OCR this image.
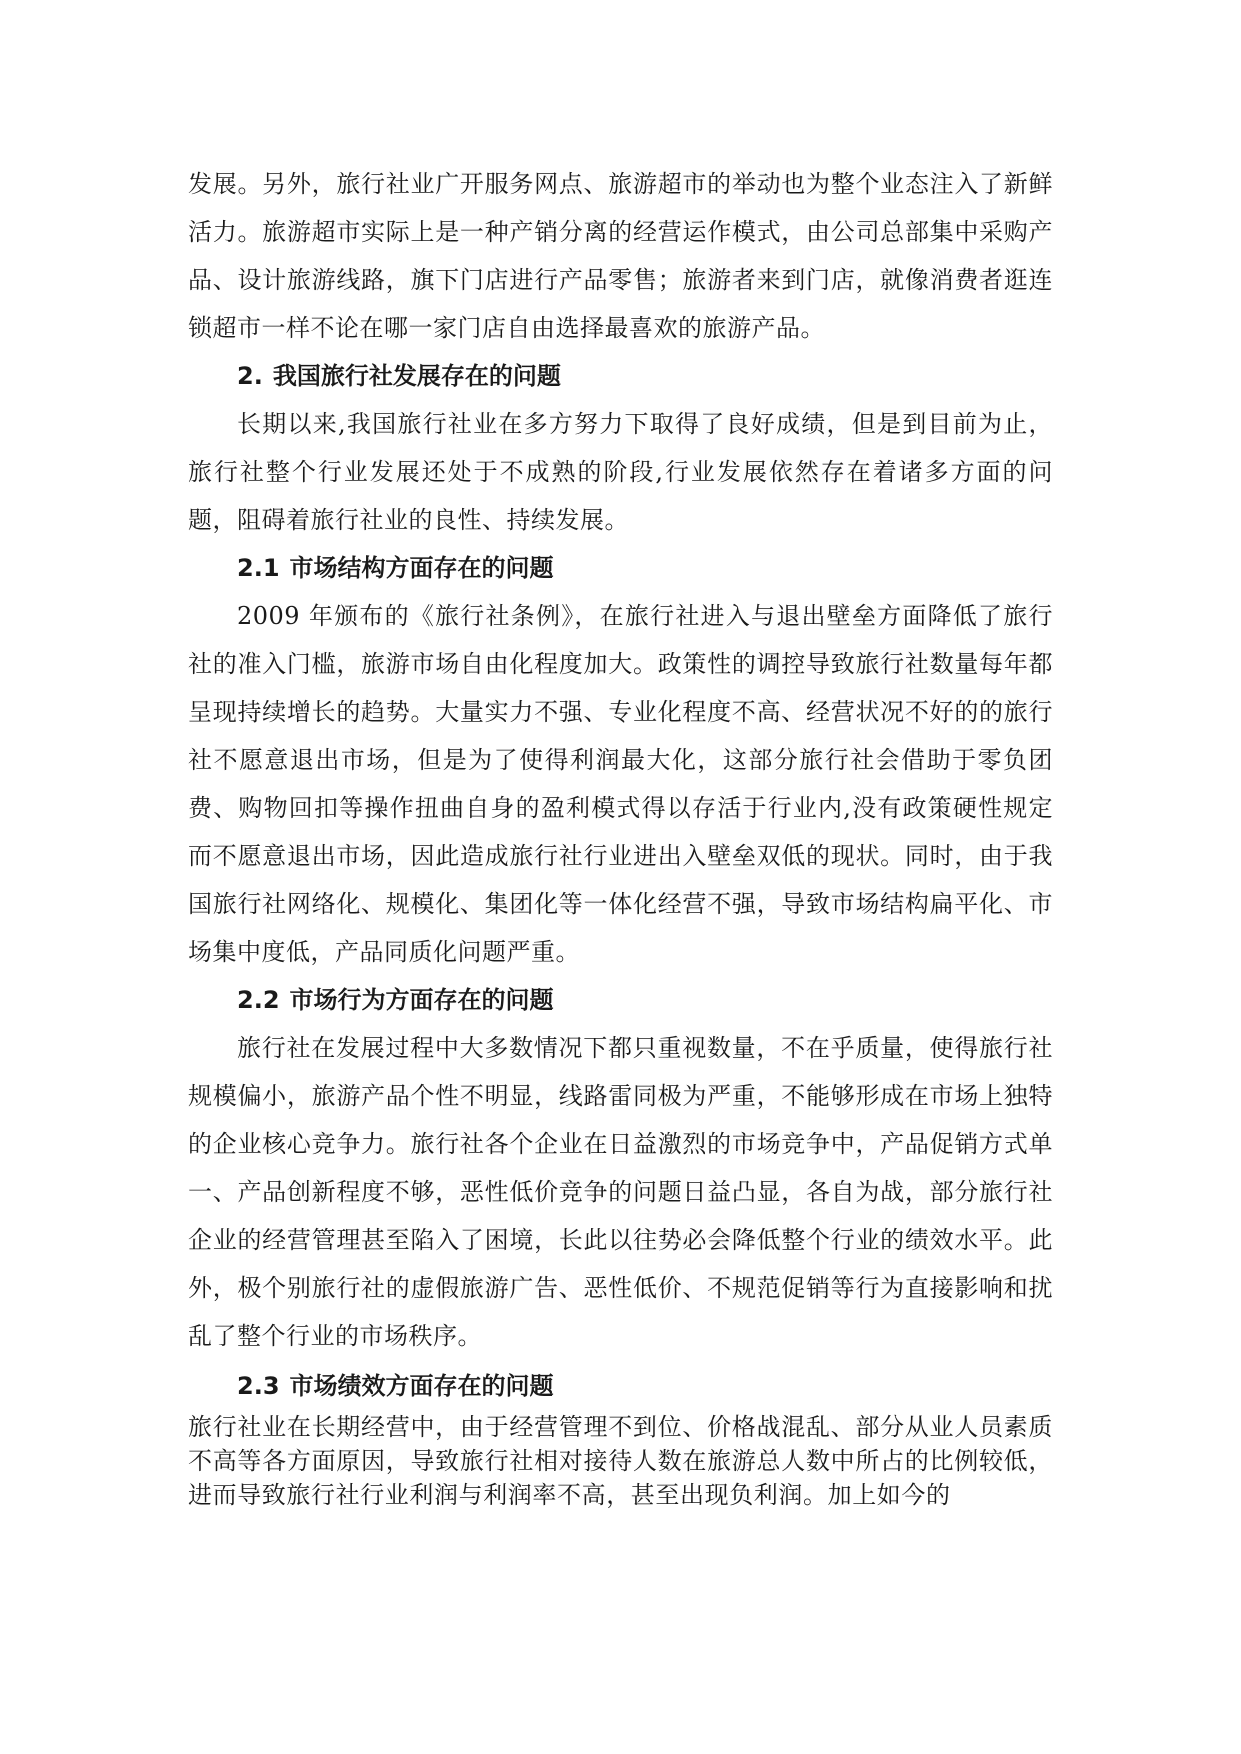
发展。另外，旅行社业广开服务网点、旅游超市的举动也为整个业态注入了新鲜活力。旅游超市实际上是一种产销分离的经营运作模式，由公司总部集中采购产品、设计旅游线路，旗下门店进行产品零售；旅游者来到门店，就像消费者逛连锁超市一样不论在哪一家门店自由选择最喜欢的旅游产品。

2. 我国旅行社发展存在的问题

长期以来,我国旅行社业在多方努力下取得了良好成绩，但是到目前为止，旅行社整个行业发展还处于不成熟的阶段,行业发展依然存在着诸多方面的问题，阻碍着旅行社业的良性、持续发展。

2.1 市场结构方面存在的问题

2009 年颁布的《旅行社条例》，在旅行社进入与退出壁垒方面降低了旅行社的准入门槛，旅游市场自由化程度加大。政策性的调控导致旅行社数量每年都呈现持续增长的趋势。大量实力不强、专业化程度不高、经营状况不好的的旅行社不愿意退出市场，但是为了使得利润最大化，这部分旅行社会借助于零负团费、购物回扣等操作扭曲自身的盈利模式得以存活于行业内,没有政策硬性规定而不愿意退出市场，因此造成旅行社行业进出入壁垒双低的现状。同时，由于我国旅行社网络化、规模化、集团化等一体化经营不强，导致市场结构扁平化、市场集中度低，产品同质化问题严重。

2.2 市场行为方面存在的问题

旅行社在发展过程中大多数情况下都只重视数量，不在乎质量，使得旅行社规模偏小，旅游产品个性不明显，线路雷同极为严重，不能够形成在市场上独特的企业核心竞争力。旅行社各个企业在日益激烈的市场竞争中，产品促销方式单一、产品创新程度不够，恶性低价竞争的问题日益凸显，各自为战，部分旅行社企业的经营管理甚至陷入了困境，长此以往势必会降低整个行业的绩效水平。此外，极个别旅行社的虚假旅游广告、恶性低价、不规范促销等行为直接影响和扰乱了整个行业的市场秩序。

2.3 市场绩效方面存在的问题

旅行社业在长期经营中，由于经营管理不到位、价格战混乱、部分从业人员素质不高等各方面原因，导致旅行社相对接待人数在旅游总人数中所占的比例较低，进而导致旅行社行业利润与利润率不高，甚至出现负利润。加上如今的
